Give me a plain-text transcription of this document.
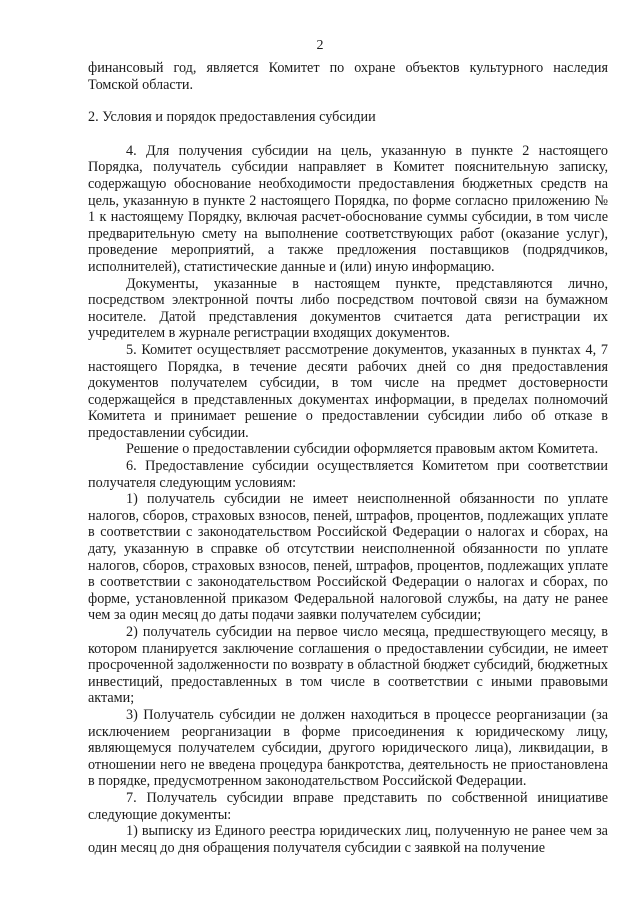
2

финансовый год, является Комитет по охране объектов культурного наследия Томской области.

2. Условия и порядок предоставления субсидии

4. Для получения субсидии на цель, указанную в пункте 2 настоящего Порядка, получатель субсидии направляет в Комитет пояснительную записку, содержащую обоснование необходимости предоставления бюджетных средств на цель, указанную в пункте 2 настоящего Порядка, по форме согласно приложению № 1 к настоящему Порядку, включая расчет-обоснование суммы субсидии, в том числе предварительную смету на выполнение соответствующих работ (оказание услуг), проведение мероприятий, а также предложения поставщиков (подрядчиков, исполнителей), статистические данные и (или) иную информацию.

Документы, указанные в настоящем пункте, представляются лично, посредством электронной почты либо посредством почтовой связи на бумажном носителе. Датой представления документов считается дата регистрации их учредителем в журнале регистрации входящих документов.

5. Комитет осуществляет рассмотрение документов, указанных в пунктах 4, 7 настоящего Порядка, в течение десяти рабочих дней со дня предоставления документов получателем субсидии, в том числе на предмет достоверности содержащейся в представленных документах информации, в пределах полномочий Комитета и принимает решение о предоставлении субсидии либо об отказе в предоставлении субсидии.

Решение о предоставлении субсидии оформляется правовым актом Комитета.

6. Предоставление субсидии осуществляется Комитетом при соответствии получателя следующим условиям:

1) получатель субсидии не имеет неисполненной обязанности по уплате налогов, сборов, страховых взносов, пеней, штрафов, процентов, подлежащих уплате в соответствии с законодательством Российской Федерации о налогах и сборах, на дату, указанную в справке об отсутствии неисполненной обязанности по уплате налогов, сборов, страховых взносов, пеней, штрафов, процентов, подлежащих уплате в соответствии с законодательством Российской Федерации о налогах и сборах, по форме, установленной приказом Федеральной налоговой службы, на дату не ранее чем за один месяц до даты подачи заявки получателем субсидии;

2) получатель субсидии на первое число месяца, предшествующего месяцу, в котором планируется заключение соглашения о предоставлении субсидии, не имеет просроченной задолженности по возврату в областной бюджет субсидий, бюджетных инвестиций, предоставленных в том числе в соответствии с иными правовыми актами;

3) Получатель субсидии не должен находиться в процессе реорганизации (за исключением реорганизации в форме присоединения к юридическому лицу, являющемуся получателем субсидии, другого юридического лица), ликвидации, в отношении него не введена процедура банкротства, деятельность не приостановлена в порядке, предусмотренном законодательством Российской Федерации.

7. Получатель субсидии вправе представить по собственной инициативе следующие документы:

1) выписку из Единого реестра юридических лиц, полученную не ранее чем за один месяц до дня обращения получателя субсидии с заявкой на получение
